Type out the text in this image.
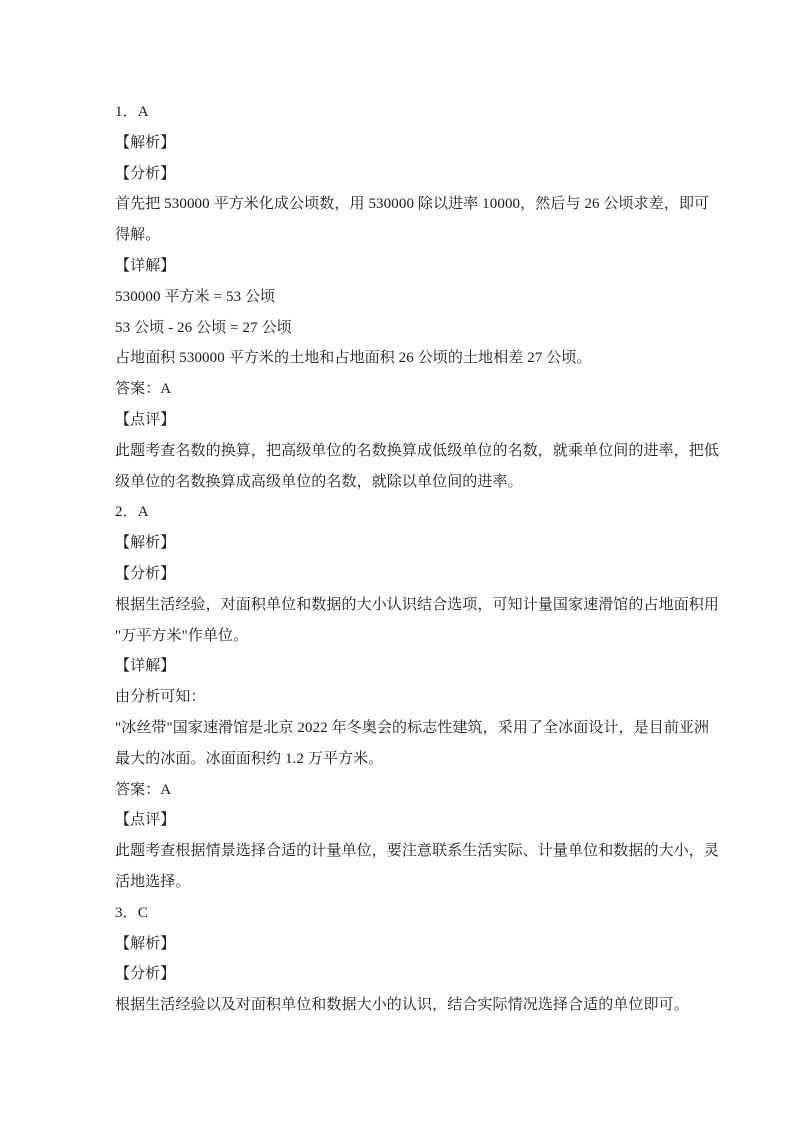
1．A
【解析】
【分析】
首先把 530000 平方米化成公顷数，用 530000 除以进率 10000，然后与 26 公顷求差，即可
得解。
【详解】
530000 平方米 = 53 公顷
53 公顷 - 26 公顷 = 27 公顷
占地面积 530000 平方米的土地和占地面积 26 公顷的土地相差 27 公顷。
答案：A
【点评】
此题考查名数的换算，把高级单位的名数换算成低级单位的名数，就乘单位间的进率，把低
级单位的名数换算成高级单位的名数，就除以单位间的进率。
2．A
【解析】
【分析】
根据生活经验，对面积单位和数据的大小认识结合选项，可知计量国家速滑馆的占地面积用
"万平方米"作单位。
【详解】
由分析可知：
"冰丝带"国家速滑馆是北京 2022 年冬奥会的标志性建筑，采用了全冰面设计，是目前亚洲
最大的冰面。冰面面积约 1.2 万平方米。
答案：A
【点评】
此题考查根据情景选择合适的计量单位，要注意联系生活实际、计量单位和数据的大小，灵
活地选择。
3．C
【解析】
【分析】
根据生活经验以及对面积单位和数据大小的认识，结合实际情况选择合适的单位即可。
